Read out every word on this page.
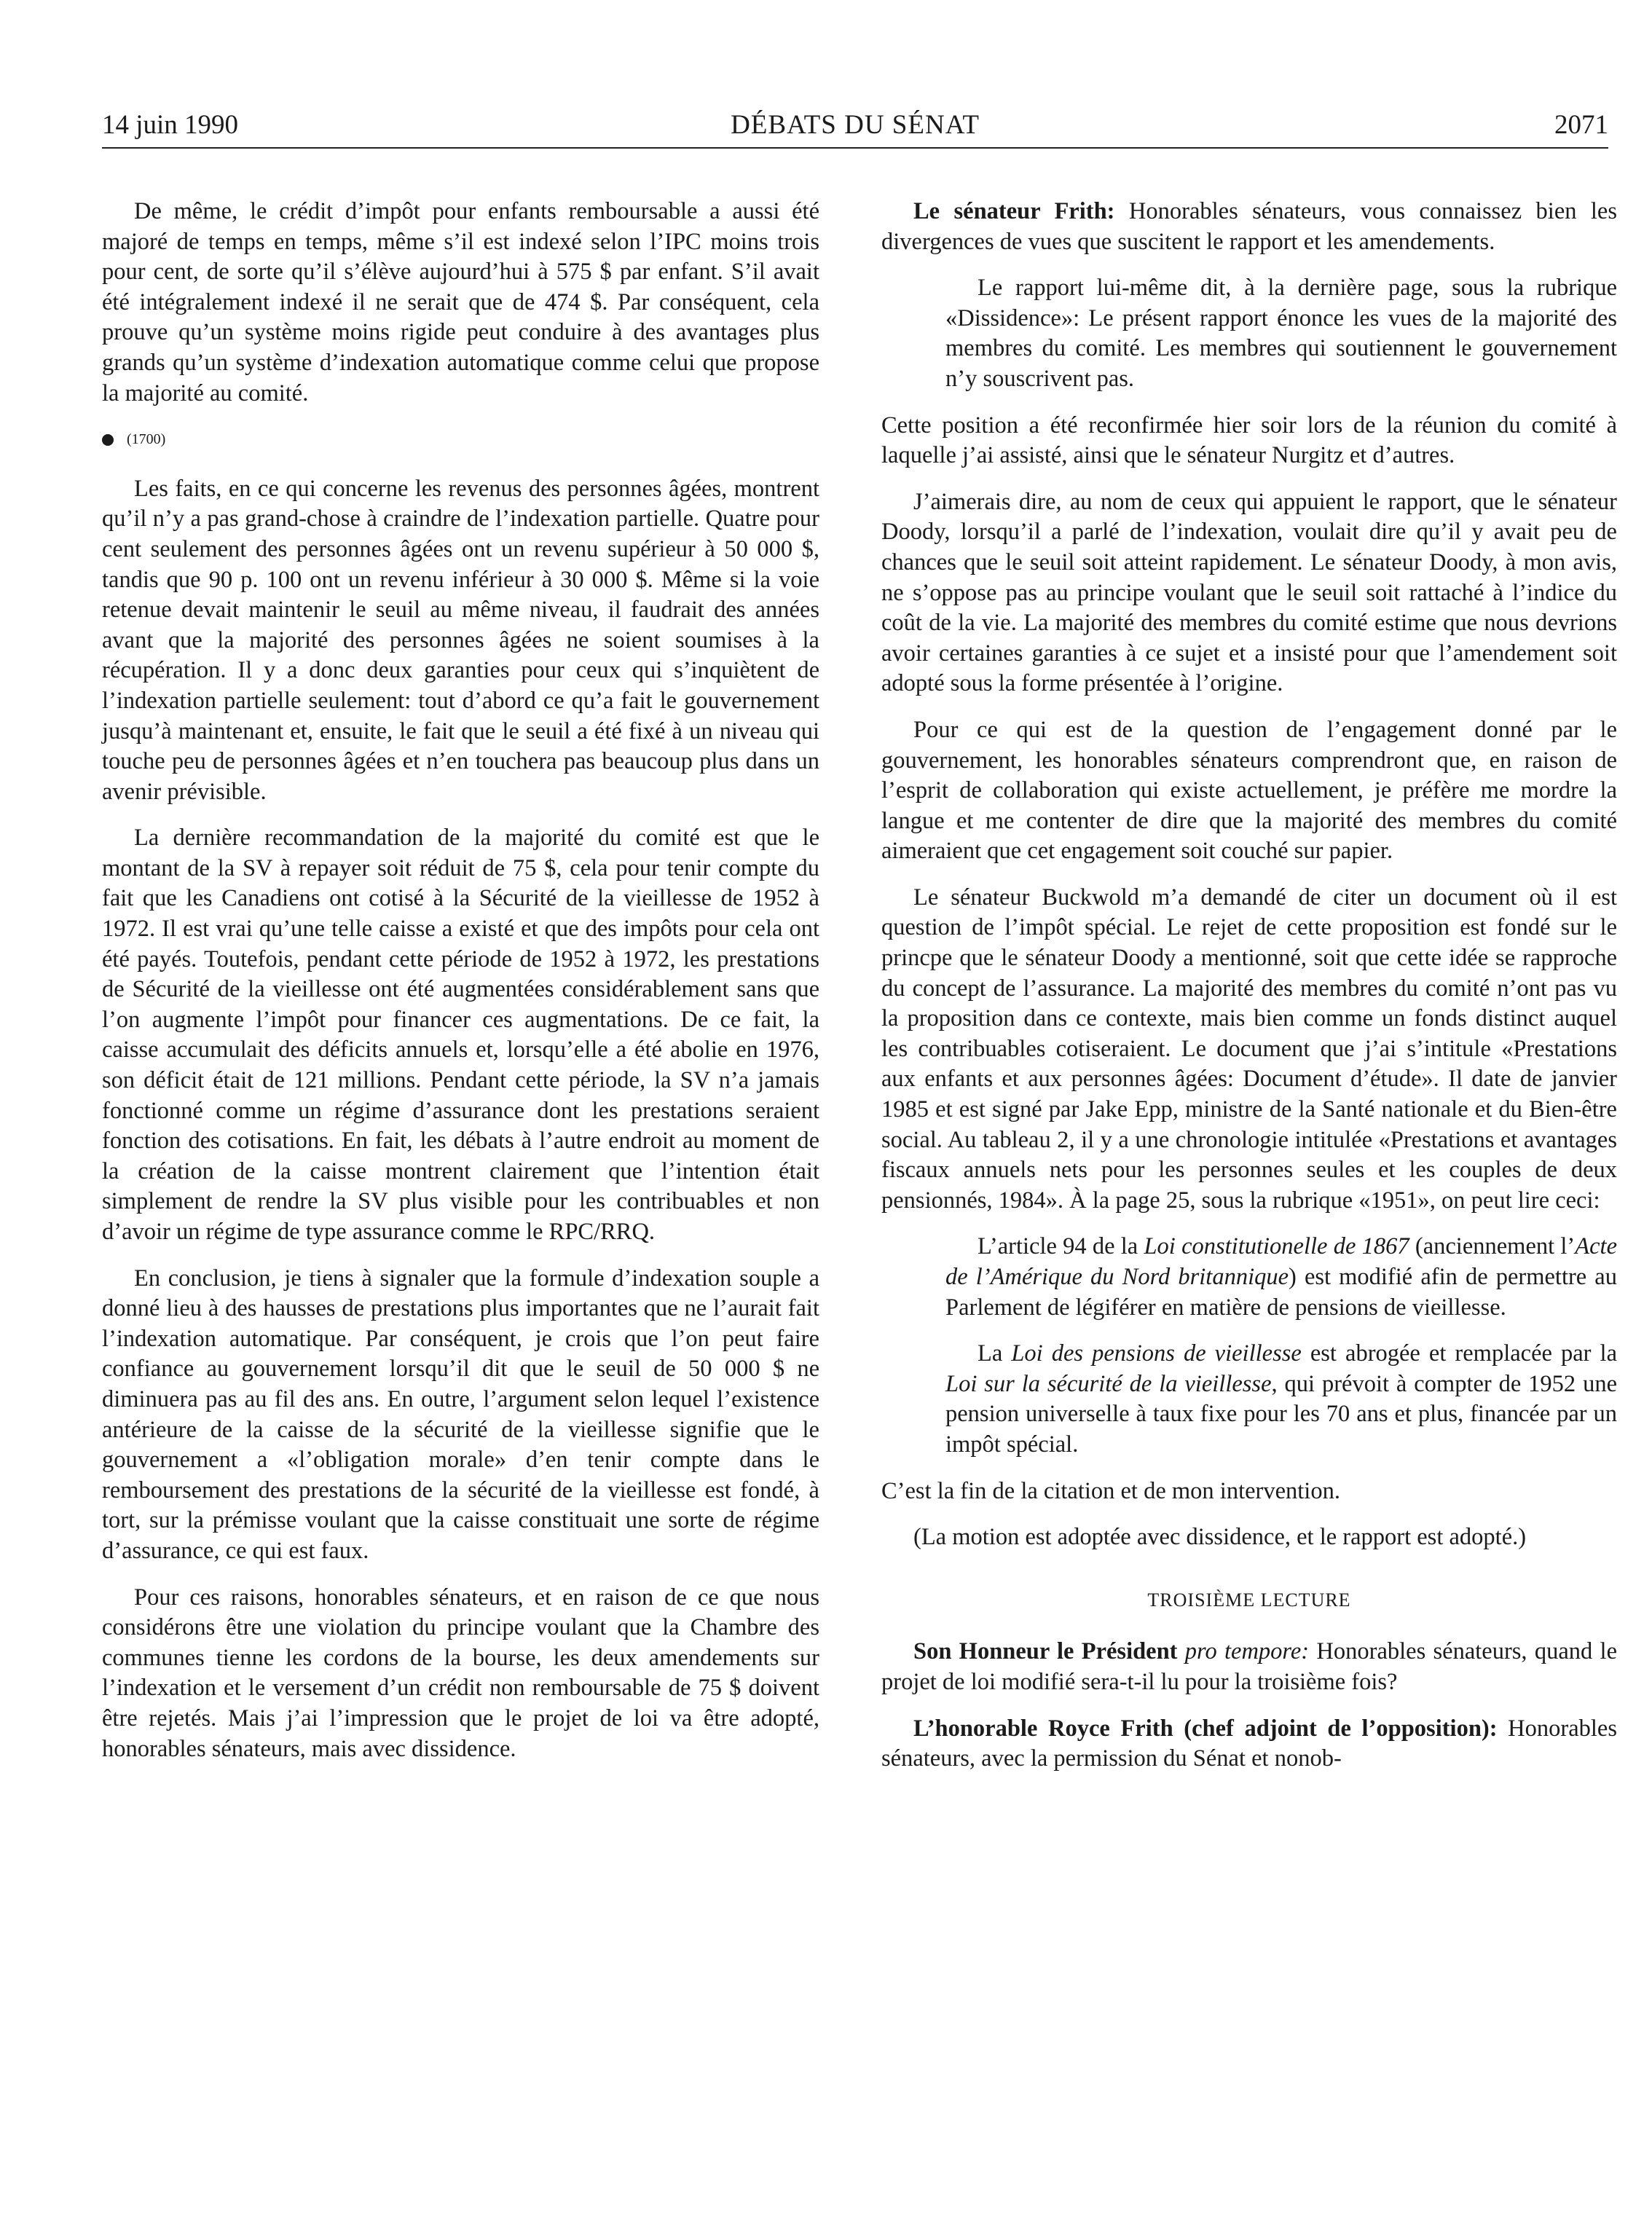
14 juin 1990	DÉBATS DU SÉNAT	2071

De même, le crédit d’impôt pour enfants remboursable a aussi été majoré de temps en temps, même s’il est indexé selon l’IPC moins trois pour cent, de sorte qu’il s’élève aujourd’hui à 575 $ par enfant. S’il avait été intégralement indexé il ne serait que de 474 $. Par conséquent, cela prouve qu’un système moins rigide peut conduire à des avantages plus grands qu’un système d’indexation automatique comme celui que propose la majorité au comité.

(1700)

Les faits, en ce qui concerne les revenus des personnes âgées, montrent qu’il n’y a pas grand-chose à craindre de l’indexation partielle. Quatre pour cent seulement des personnes âgées ont un revenu supérieur à 50 000 $, tandis que 90 p. 100 ont un revenu inférieur à 30 000 $. Même si la voie retenue devait maintenir le seuil au même niveau, il faudrait des années avant que la majorité des personnes âgées ne soient soumises à la récupération. Il y a donc deux garanties pour ceux qui s’inquiètent de l’indexation partielle seulement: tout d’abord ce qu’a fait le gouvernement jusqu’à maintenant et, ensuite, le fait que le seuil a été fixé à un niveau qui touche peu de personnes âgées et n’en touchera pas beaucoup plus dans un avenir prévisible.

La dernière recommandation de la majorité du comité est que le montant de la SV à repayer soit réduit de 75 $, cela pour tenir compte du fait que les Canadiens ont cotisé à la Sécurité de la vieillesse de 1952 à 1972. Il est vrai qu’une telle caisse a existé et que des impôts pour cela ont été payés. Toutefois, pendant cette période de 1952 à 1972, les prestations de Sécurité de la vieillesse ont été augmentées considérablement sans que l’on augmente l’impôt pour financer ces augmentations. De ce fait, la caisse accumulait des déficits annuels et, lorsqu’elle a été abolie en 1976, son déficit était de 121 millions. Pendant cette période, la SV n’a jamais fonctionné comme un régime d’assurance dont les prestations seraient fonction des cotisations. En fait, les débats à l’autre endroit au moment de la création de la caisse montrent clairement que l’intention était simplement de rendre la SV plus visible pour les contribuables et non d’avoir un régime de type assurance comme le RPC/RRQ.

En conclusion, je tiens à signaler que la formule d’indexation souple a donné lieu à des hausses de prestations plus importantes que ne l’aurait fait l’indexation automatique. Par conséquent, je crois que l’on peut faire confiance au gouvernement lorsqu’il dit que le seuil de 50 000 $ ne diminuera pas au fil des ans. En outre, l’argument selon lequel l’existence antérieure de la caisse de la sécurité de la vieillesse signifie que le gouvernement a «l’obligation morale» d’en tenir compte dans le remboursement des prestations de la sécurité de la vieillesse est fondé, à tort, sur la prémisse voulant que la caisse constituait une sorte de régime d’assurance, ce qui est faux.

Pour ces raisons, honorables sénateurs, et en raison de ce que nous considérons être une violation du principe voulant que la Chambre des communes tienne les cordons de la bourse, les deux amendements sur l’indexation et le versement d’un crédit non remboursable de 75 $ doivent être rejetés. Mais j’ai l’impression que le projet de loi va être adopté, honorables sénateurs, mais avec dissidence.

Le sénateur Frith: Honorables sénateurs, vous connaissez bien les divergences de vues que suscitent le rapport et les amendements.

Le rapport lui-même dit, à la dernière page, sous la rubrique «Dissidence»: Le présent rapport énonce les vues de la majorité des membres du comité. Les membres qui soutiennent le gouvernement n’y souscrivent pas.

Cette position a été reconfirmée hier soir lors de la réunion du comité à laquelle j’ai assisté, ainsi que le sénateur Nurgitz et d’autres.

J’aimerais dire, au nom de ceux qui appuient le rapport, que le sénateur Doody, lorsqu’il a parlé de l’indexation, voulait dire qu’il y avait peu de chances que le seuil soit atteint rapidement. Le sénateur Doody, à mon avis, ne s’oppose pas au principe voulant que le seuil soit rattaché à l’indice du coût de la vie. La majorité des membres du comité estime que nous devrions avoir certaines garanties à ce sujet et a insisté pour que l’amendement soit adopté sous la forme présentée à l’origine.

Pour ce qui est de la question de l’engagement donné par le gouvernement, les honorables sénateurs comprendront que, en raison de l’esprit de collaboration qui existe actuellement, je préfère me mordre la langue et me contenter de dire que la majorité des membres du comité aimeraient que cet engagement soit couché sur papier.

Le sénateur Buckwold m’a demandé de citer un document où il est question de l’impôt spécial. Le rejet de cette proposition est fondé sur le princpe que le sénateur Doody a mentionné, soit que cette idée se rapproche du concept de l’assurance. La majorité des membres du comité n’ont pas vu la proposition dans ce contexte, mais bien comme un fonds distinct auquel les contribuables cotiseraient. Le document que j’ai s’intitule «Prestations aux enfants et aux personnes âgées: Document d’étude». Il date de janvier 1985 et est signé par Jake Epp, ministre de la Santé nationale et du Bien-être social. Au tableau 2, il y a une chronologie intitulée «Prestations et avantages fiscaux annuels nets pour les personnes seules et les couples de deux pensionnés, 1984». À la page 25, sous la rubrique «1951», on peut lire ceci:

L’article 94 de la Loi constitutionelle de 1867 (anciennement l’Acte de l’Amérique du Nord britannique) est modifié afin de permettre au Parlement de légiférer en matière de pensions de vieillesse.

La Loi des pensions de vieillesse est abrogée et remplacée par la Loi sur la sécurité de la vieillesse, qui prévoit à compter de 1952 une pension universelle à taux fixe pour les 70 ans et plus, financée par un impôt spécial.

C’est la fin de la citation et de mon intervention.

(La motion est adoptée avec dissidence, et le rapport est adopté.)

TROISIÈME LECTURE

Son Honneur le Président pro tempore: Honorables sénateurs, quand le projet de loi modifié sera-t-il lu pour la troisième fois?

L’honorable Royce Frith (chef adjoint de l’opposition): Honorables sénateurs, avec la permission du Sénat et nonob-
